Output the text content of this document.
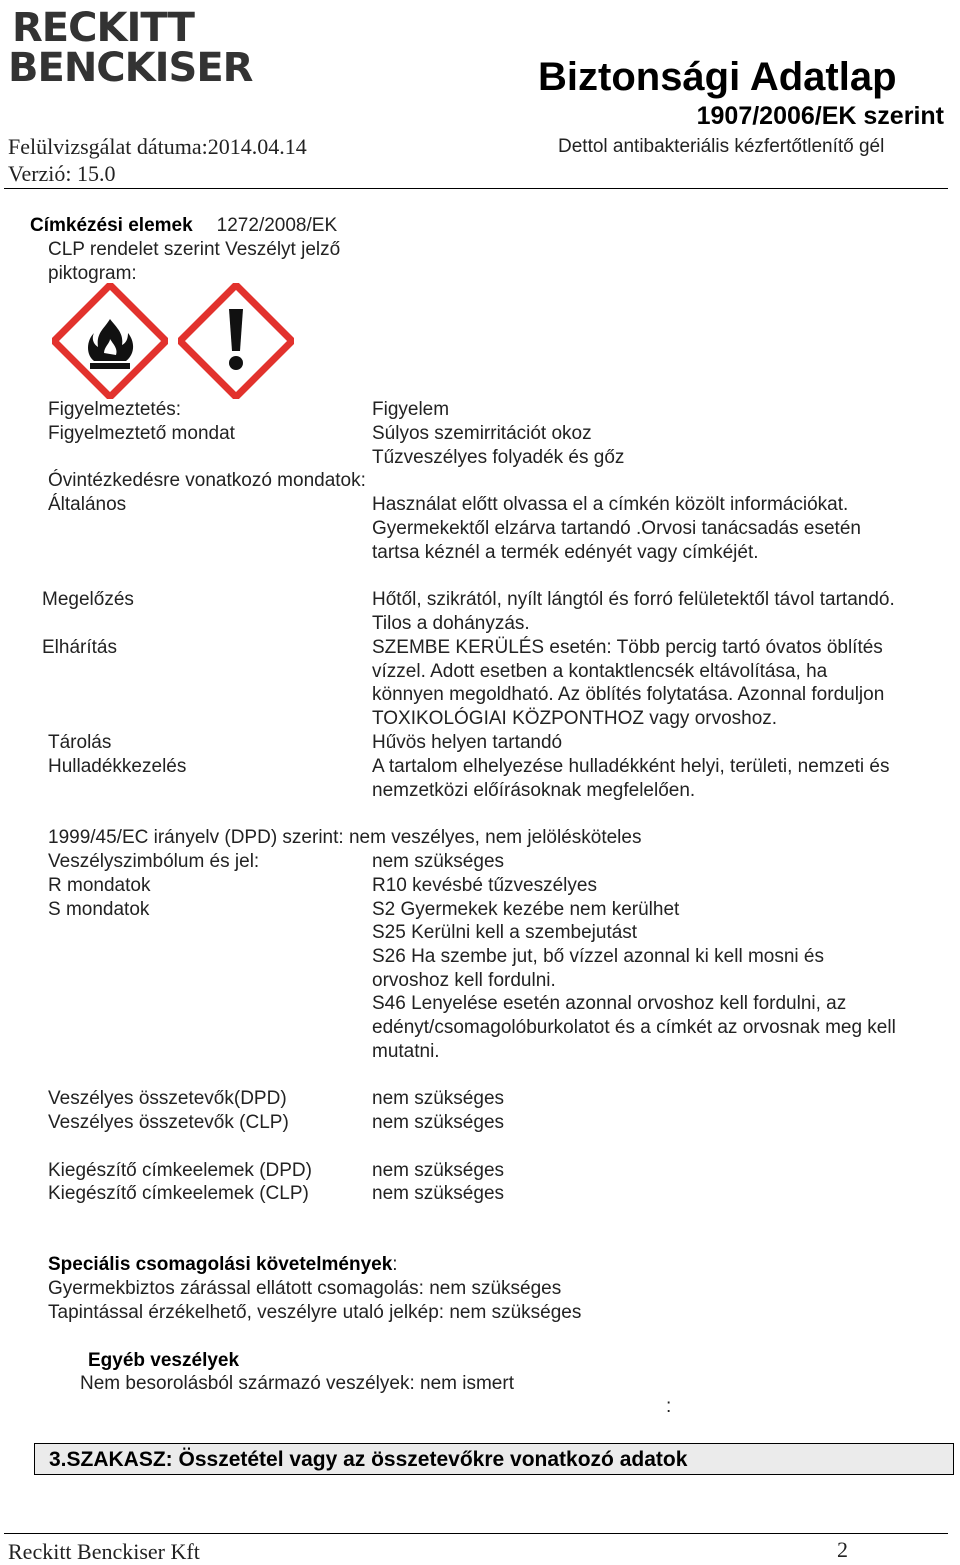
RECKITT
BENCKISER	Biztonsági Adatlap
1907/2006/EK szerint
Felülvizsgálat dátuma:2014.04.14	Dettol antibakteriális kézfertőtlenítő gél
Verzió: 15.0
Címkézési elemek 1272/2008/EK
CLP rendelet szerint Veszélyt jelző
piktogram:
Figyelmeztetés:	Figyelem
Figyelmeztető mondat	Súlyos szemirritációt okoz
Tűzveszélyes folyadék és gőz
Óvintézkedésre vonatkozó mondatok:
Általános	Használat előtt olvassa el a címkén közölt információkat.
Gyermekektől elzárva tartandó .Orvosi tanácsadás esetén
tartsa kéznél a termék edényét vagy címkéjét.
Megelőzés	Hőtől, szikrától, nyílt lángtól és forró felületektől távol tartandó.
Tilos a dohányzás.
Elhárítás	SZEMBE KERÜLÉS esetén: Több percig tartó óvatos öblítés
vízzel. Adott esetben a kontaktlencsék eltávolítása, ha
könnyen megoldható. Az öblítés folytatása. Azonnal forduljon
TOXIKOLÓGIAI KÖZPONTHOZ vagy orvoshoz.
Tárolás	Hűvös helyen tartandó
Hulladékkezelés	A tartalom elhelyezése hulladékként helyi, területi, nemzeti és
nemzetközi előírásoknak megfelelően.
1999/45/EC irányelv (DPD) szerint: nem veszélyes, nem jelölésköteles
Veszélyszimbólum és jel:	nem szükséges
R mondatok	R10 kevésbé tűzveszélyes
S mondatok	S2 Gyermekek kezébe nem kerülhet
S25 Kerülni kell a szembejutást
S26 Ha szembe jut, bő vízzel azonnal ki kell mosni és
orvoshoz kell fordulni.
S46 Lenyelése esetén azonnal orvoshoz kell fordulni, az
edényt/csomagolóburkolatot és a címkét az orvosnak meg kell
mutatni.
Veszélyes összetevők(DPD)	nem szükséges
Veszélyes összetevők (CLP)	nem szükséges
Kiegészítő címkeelemek (DPD)	nem szükséges
Kiegészítő címkeelemek (CLP)	nem szükséges
Speciális csomagolási követelmények:
Gyermekbiztos zárással ellátott csomagolás: nem szükséges
Tapintással érzékelhető, veszélyre utaló jelkép: nem szükséges
Egyéb veszélyek
Nem besorolásból származó veszélyek: nem ismert
:
3.SZAKASZ: Összetétel vagy az összetevőkre vonatkozó adatok
Reckitt Benckiser Kft	2
